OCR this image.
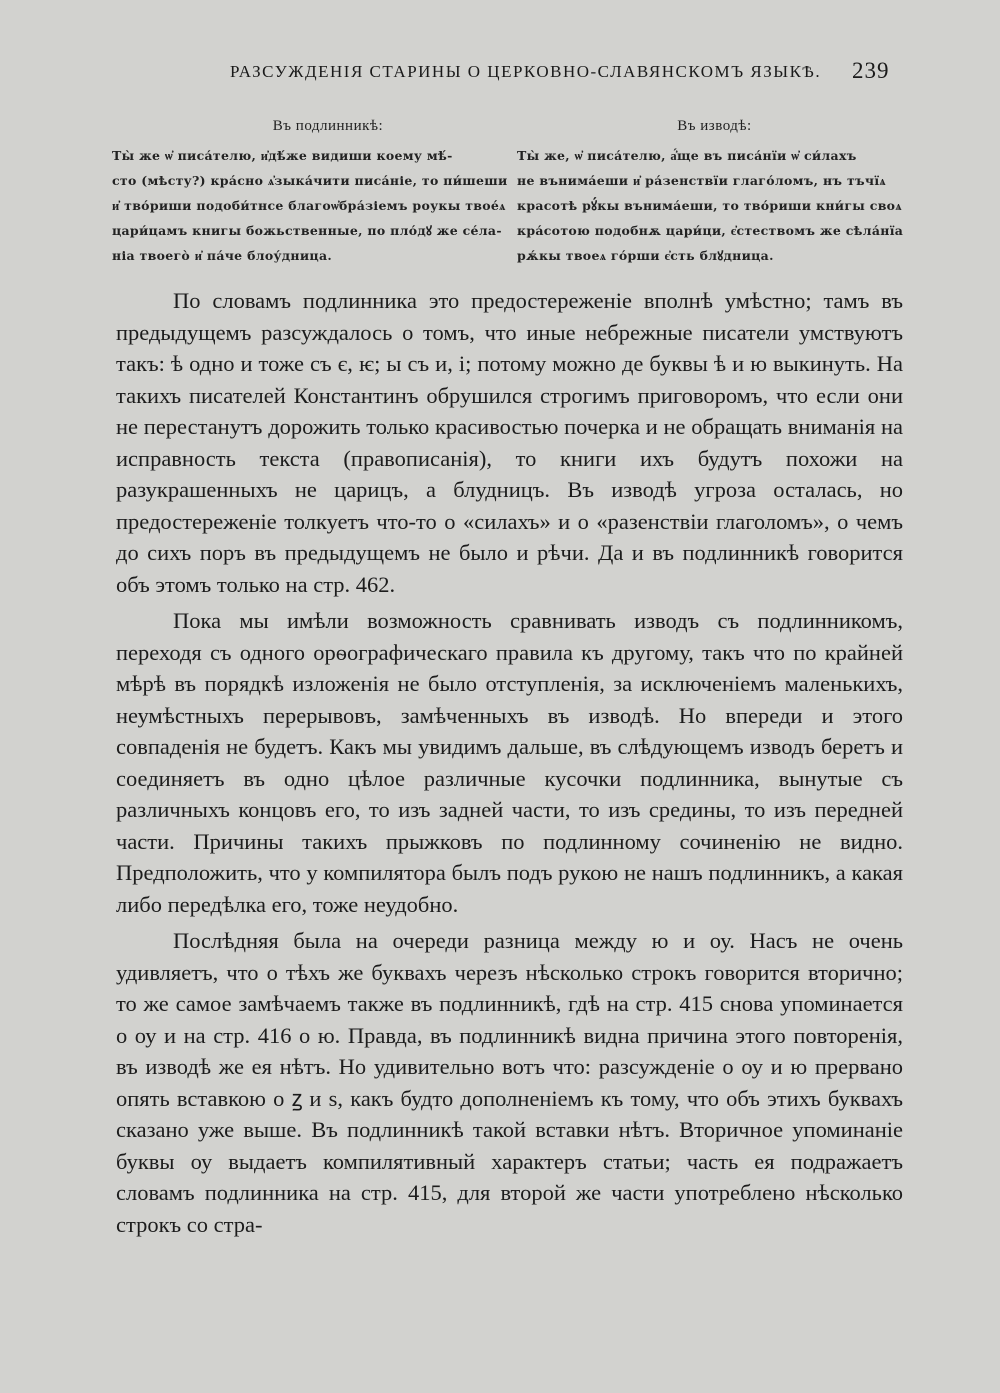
РАЗСУЖДЕНІЯ СТАРИНЫ О ЦЕРКОВНО-СЛАВЯНСКОМЪ ЯЗЫКѢ. 239
Въ подлинникѣ:
Ты̀ же ѡ҆ писа́телю, и҆дѣ́же видиши коему мѣ́-
сто (мѣсту?) кра́сно ѧ҆зыка́чити писа́ніе, то пи́шеши
и҆ тво́риши подоби́тнсе благоѡ҆бра́зіемъ роукы твое́ѧ
цари́цамъ книгы божьственные, по пло́дꙋ же се́ла-
ніа твоего̀ и҆ па́че блоу́дница.
Въ изводѣ:
Ты̀ же, ѡ҆ писа́телю, а҆́ще въ писа́нїи ѡ҆ си́лахъ
не вънима́еши и҆ ра́зенствїи глаго́ломъ, нъ тъчїѧ
красотѣ рꙋ́кы вънима́еши, то тво́риши кни́гы своѧ
кра́сотою подобнѫ цари́ци, є҆стествомъ же сѣла́нїа
рѫ́кы твоеѧ го́рши є҆сть блꙋдница.

По словамъ подлинника это предостереженіе вполнѣ умѣстно; тамъ въ предыдущемъ разсуждалось о томъ, что иные небрежные писатели умствуютъ такъ: ѣ одно и тоже съ є, ѥ; ы съ и, і; потому можно де буквы ѣ и ю выкинуть. На такихъ писателей Константинъ обрушился строгимъ приговоромъ, что если они не перестанутъ дорожить только красивостью почерка и не обращать вниманія на исправность текста (правописанія), то книги ихъ будутъ похожи на разукрашенныхъ не царицъ, а блудницъ. Въ изводѣ угроза осталась, но предостереженіе толкуетъ что-то о «силахъ» и о «разенствіи глаголомъ», о чемъ до сихъ поръ въ предыдущемъ не было и рѣчи. Да и въ подлинникѣ говорится объ этомъ только на стр. 462.

Пока мы имѣли возможность сравнивать изводъ съ подлинникомъ, переходя съ одного орѳографическаго правила къ другому, такъ что по крайней мѣрѣ въ порядкѣ изложенія не было отступленія, за исключеніемъ маленькихъ, неумѣстныхъ перерывовъ, замѣченныхъ въ изводѣ. Но впереди и этого совпаденія не будетъ. Какъ мы увидимъ дальше, въ слѣдующемъ изводъ беретъ и соединяетъ въ одно цѣлое различные кусочки подлинника, вынутые съ различныхъ концовъ его, то изъ задней части, то изъ средины, то изъ передней части. Причины такихъ прыжковъ по подлинному сочиненію не видно. Предположить, что у компилятора былъ подъ рукою не нашъ подлинникъ, а какая либо передѣлка его, тоже неудобно.

Послѣдняя была на очереди разница между ю и оу. Насъ не очень удивляетъ, что о тѣхъ же буквахъ черезъ нѣсколько строкъ говорится вторично; то же самое замѣчаемъ также въ подлинникѣ, гдѣ на стр. 415 снова упоминается о оу и на стр. 416 о ю. Правда, въ подлинникѣ видна причина этого повторенія, въ изводѣ же ея нѣтъ. Но удивительно вотъ что: разсужденіе о оу и ю прервано опять вставкою о ꙁ и ѕ, какъ будто дополненіемъ къ тому, что объ этихъ буквахъ сказано уже выше. Въ подлинникѣ такой вставки нѣтъ. Вторичное упоминаніе буквы оу выдаетъ компилятивный характеръ статьи; часть ея подражаетъ словамъ подлинника на стр. 415, для второй же части употреблено нѣсколько строкъ со стра-
